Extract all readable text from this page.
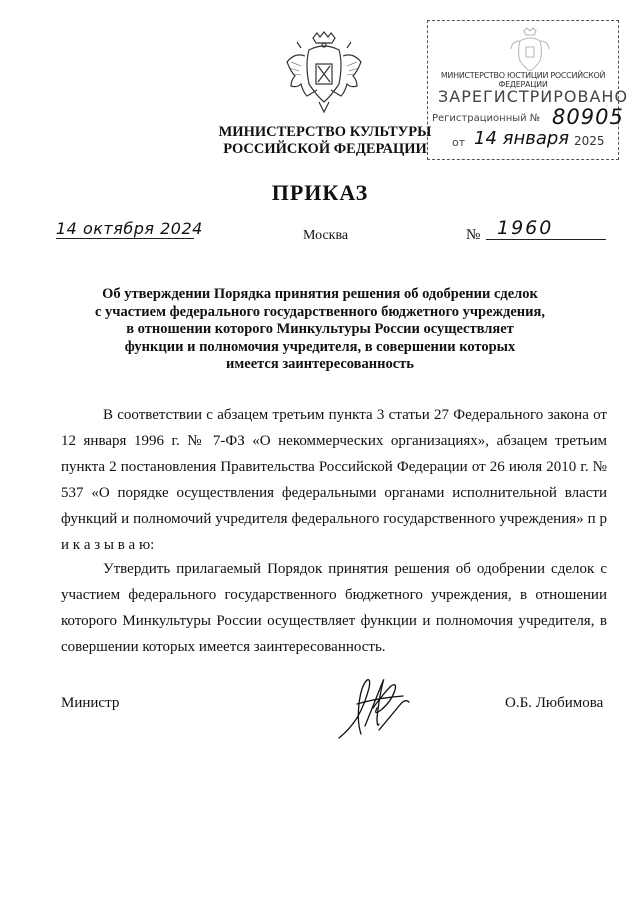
МИНИСТЕРСТВО КУЛЬТУРЫ
РОССИЙСКОЙ ФЕДЕРАЦИИ
МИНИСТЕРСТВО ЮСТИЦИИ РОССИЙСКОЙ ФЕДЕРАЦИИ
ЗАРЕГИСТРИРОВАНО
Регистрационный № 80905
от 14 января 2025
ПРИКАЗ
14 октября 2024	Москва	№ 1960
Об утверждении Порядка принятия решения об одобрении сделок
с участием федерального государственного бюджетного учреждения,
в отношении которого Минкультуры России осуществляет
функции и полномочия учредителя, в совершении которых
имеется заинтересованность
В соответствии с абзацем третьим пункта 3 статьи 27 Федерального закона от 12 января 1996 г. № 7-ФЗ «О некоммерческих организациях», абзацем третьим пункта 2 постановления Правительства Российской Федерации от 26 июля 2010 г. № 537 «О порядке осуществления федеральными органами исполнительной власти функций и полномочий учредителя федерального государственного учреждения» п р и к а з ы в а ю:
Утвердить прилагаемый Порядок принятия решения об одобрении сделок с участием федерального государственного бюджетного учреждения, в отношении которого Минкультуры России осуществляет функции и полномочия учредителя, в совершении которых имеется заинтересованность.
Министр	О.Б. Любимова
